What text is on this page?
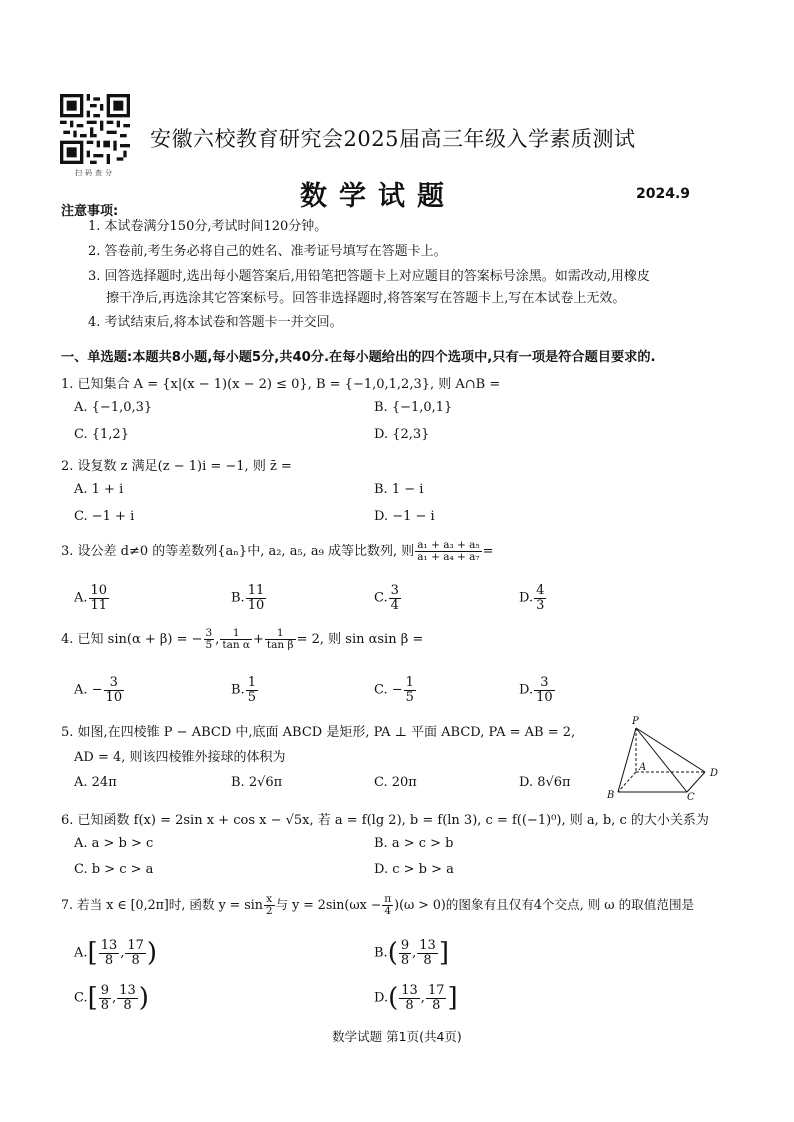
扫码查分
安徽六校教育研究会2025届高三年级入学素质测试
数学试题	2024.9
注意事项:
1. 本试卷满分150分,考试时间120分钟。
2. 答卷前,考生务必将自己的姓名、准考证号填写在答题卡上。
3. 回答选择题时,选出每小题答案后,用铅笔把答题卡上对应题目的答案标号涂黑。如需改动,用橡皮
擦干净后,再选涂其它答案标号。回答非选择题时,将答案写在答题卡上,写在本试卷上无效。
4. 考试结束后,将本试卷和答题卡一并交回。
一、单选题:本题共8小题,每小题5分,共40分.在每小题给出的四个选项中,只有一项是符合题目要求的.
1. 已知集合 A = {x|(x − 1)(x − 2) ≤ 0}, B = {−1,0,1,2,3}, 则 A∩B =
A. {−1,0,3}	B. {−1,0,1}
C. {1,2}	D. {2,3}
2. 设复数 z 满足(z − 1)i = −1, 则 z̄ =
A. 1 + i	B. 1 − i
C. −1 + i	D. −1 − i
3. 设公差 d≠0 的等差数列{aₙ}中, a₂, a₅, a₉ 成等比数列, 则 $\frac{\text{a₁ + a₃ + a₅}}{\text{a₁ + a₄ + a₇}}$ =
A. $\frac{10}{11}$	B. $\frac{11}{10}$	C. $\frac{3}{4}$	D. $\frac{4}{3}$
4. 已知 sin(α + β) = − $\frac{3}{5}$ , $\frac{1}{\text{tan α}} + \frac{1}{\text{tan β}} = 2$, 则 sin αsin β =
A. − $\frac{3}{10}$	B. $\frac{1}{5}$	C. − $\frac{1}{5}$	D. $\frac{3}{10}$
5. 如图,在四棱锥 P − ABCD 中,底面 ABCD 是矩形, PA ⊥ 平面 ABCD, PA = AB = 2,
AD = 4, 则该四棱锥外接球的体积为
A. 24π	B. 2√6π	C. 20π	D. 8√6π
P
A
B	C
D
6. 已知函数 f(x) = 2sin x + cos x − √5x, 若 a = f(lg 2), b = f(ln 3), c = f((−1)⁰), 则 a, b, c 的大小关系为
A. a > b > c	B. a > c > b
C. b > c > a	D. c > b > a
7. 若当 x ∈ [0,2π]时, 函数 $y = \sin \frac{x}{2}$ 与 $y = 2\sin(\omega x - \frac{\pi}{4} )(\omega > 0)$的图象有且仅有4个交点, 则 ω 的取值范围是
$A.[ \frac{13}{8}$ , $\frac{17}{8}$ )	$B.( \frac{9}{8}$ , $\frac{13}{8}$ ]
$C.[ \frac{9}{8}$ , $\frac{13}{8}$ )	$D.( \frac{13}{8}$ , $\frac{17}{8}$ ]
数学试题 第1页(共4页)
